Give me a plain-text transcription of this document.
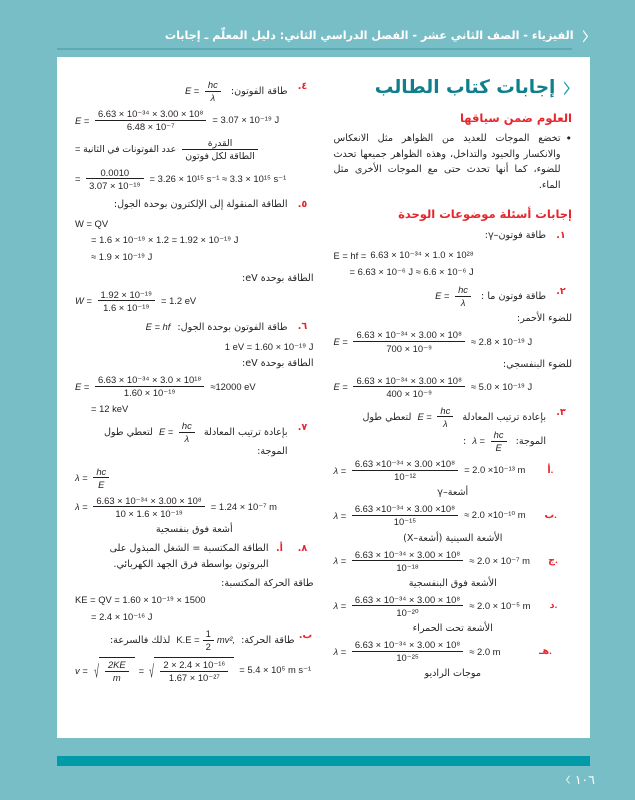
‹
الفيزياء - الصف الثاني عشر - الفصل الدراسي الثاني: دليل المعلّم ـ إجابات
‹
إجابات كتاب الطالب
العلوم ضمن سياقها
•
تخضع الموجات للعديد من الظواهر مثل الانعكاس والانكسار والحيود والتداخل، وهذه الظواهر جميعها تحدث للضوء، كما أنها تحدث حتى مع الموجات الأخرى مثل الماء.
إجابات أسئلة موضوعات الوحدة
١.
طاقة فوتون–γ:
E = hf = 6.63 × 10⁻³⁴ × 1.0 × 10²⁸
= 6.63 × 10⁻⁶ J ≈ 6.6 × 10⁻⁶ J
٢.
طاقة فوتون ما :
$E = \frac{hc}{\lambda}$
للضوء الأحمر:
$E = \frac{\text{6.63 × 10⁻³⁴ × 3.00 × 10⁸}}{\text{700 × 10⁻⁹}} \approx 2.8 \times 10^{-19}$ J
للضوء البنفسجي:
$E = \frac{\text{6.63 × 10⁻³⁴ × 3.00 × 10⁸}}{\text{400 × 10⁻⁹}} \approx 5.0 \times 10^{-19}$ J
٣.
بإعادة ترتيب المعادلة
$E = \frac{hc}{\lambda}$
لتعطي طول الموجة:
$\lambda = \frac{hc}{E}$
:
$\lambda = \frac{\text{6.63 ×10⁻³⁴ × 3.00 ×10⁸}}{\text{10⁻¹²}} = 2.0 \times 10^{-13}$ m	أ.
أشعة–γ
$\lambda = \frac{\text{6.63 ×10⁻³⁴ × 3.00 ×10⁸}}{\text{10⁻¹⁵}} \approx 2.0 \times 10^{-10}$ m ب.
الأشعة السينية (أشعة–X)
$\lambda = \frac{\text{6.63 × 10⁻³⁴ × 3.00 × 10⁸}}{\text{10⁻¹⁸}} \approx 2.0 \times 10^{-7}$ m	ج.
الأشعة فوق البنفسجية
$\lambda = \frac{\text{6.63 × 10⁻³⁴ × 3.00 × 10⁸}}{\text{10⁻²⁰}} \approx 2.0 \times 10^{-5}$ m	د.
الأشعة تحت الحمراء
$\lambda = \frac{\text{6.63 × 10⁻³⁴ × 3.00 × 10⁸}}{\text{10⁻²⁵}} \approx 2.0$ m	هـ.
موجات الراديو
٤.
طاقة الفوتون:
$E = \frac{hc}{\lambda}$
$E = \frac{\text{6.63 × 10⁻³⁴ × 3.00 × 10⁸}}{\text{6.48 × 10⁻⁷}} = 3.07 \times 10^{-19}$ J
$\frac{\text{القدرة}}{\text{الطاقة لكل فوتون}}$
عدد الفوتونات في الثانية =
= $\frac{0.0010}{\text{3.07 × 10⁻¹⁹}} = 3.26 \times 10^{15}$ s⁻¹ ≈ 3.3 × 10¹⁵ s⁻¹
٥.
الطاقة المنقولة إلى الإلكترون بوحدة الجول:
W = QV
= 1.6 × 10⁻¹⁹ × 1.2 = 1.92 × 10⁻¹⁹ J
≈ 1.9 × 10⁻¹⁹ J
الطاقة بوحدة eV:
$W = \frac{\text{1.92 × 10⁻¹⁹}}{\text{1.6 × 10⁻¹⁹}} = 1.2$ eV
٦.
طاقة الفوتون بوحدة الجول:
E = hf
1 eV = 1.60 × 10⁻¹⁹ J
الطاقة بوحدة eV:
$E = \frac{\text{6.63 × 10⁻³⁴ × 3.0 × 10¹⁸}}{\text{1.60 × 10⁻¹⁹}} \approx 12000$ eV
= 12 keV
٧.
بإعادة ترتيب المعادلة
$E = \frac{hc}{\lambda}$
لتعطي طول الموجة:
$\lambda = \frac{hc}{E}$
$\lambda = \frac{\text{6.63 × 10⁻³⁴ × 3.00 × 10⁸}}{\text{10 × 1.6 × 10⁻¹⁹}} = 1.24 \times 10^{-7}$ m
أشعة فوق بنفسجية
٨.
أ.
الطاقة المكتسبة = الشغل المبذول على البروتون بواسطة فرق الجهد الكهربائي.
طاقة الحركة المكتسبة:
KE = QV = 1.60 × 10⁻¹⁹ × 1500
= 2.4 × 10⁻¹⁶ J
ب.
طاقة الحركة:
$K.E = \frac{1}{2} mv^2$,
لذلك فالسرعة:
v = √ $\frac{2KE}{m}$ = √ $\frac{\text{2 × 2.4 × 10⁻¹⁶}}{\text{1.67 × 10⁻²⁷}} = 5.4 \times 10^5$ m s⁻¹
‹ ١٠٦
